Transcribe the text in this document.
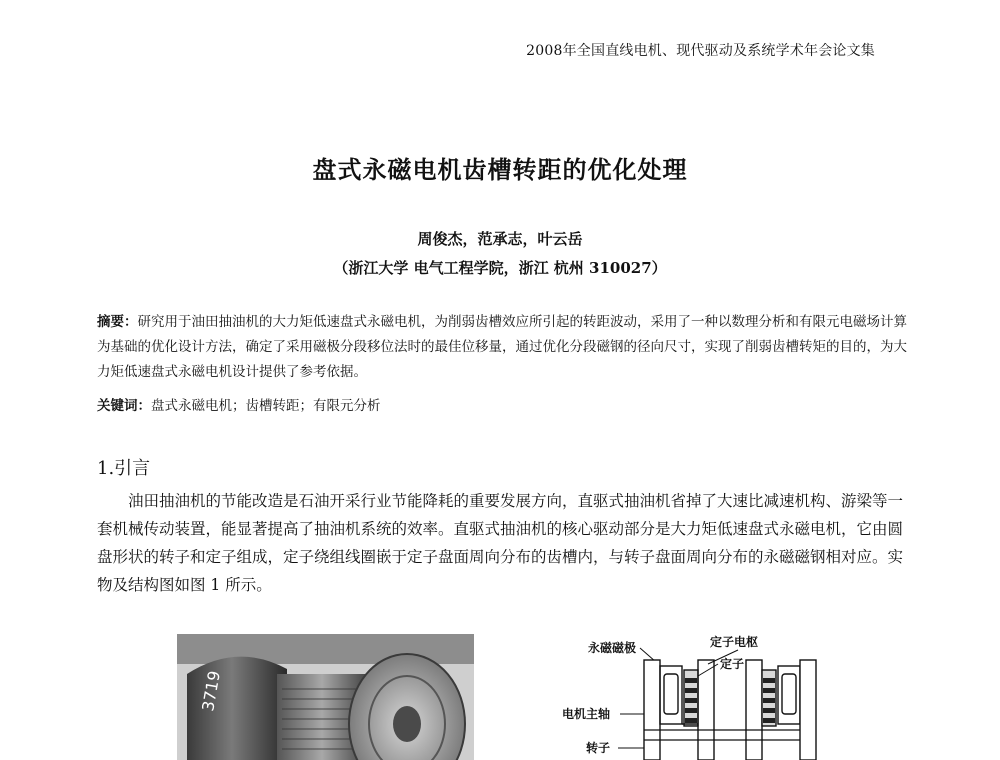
2008年全国直线电机、现代驱动及系统学术年会论文集
盘式永磁电机齿槽转距的优化处理
周俊杰，范承志，叶云岳
（浙江大学 电气工程学院，浙江 杭州 310027）
摘要：研究用于油田抽油机的大力矩低速盘式永磁电机，为削弱齿槽效应所引起的转距波动，采用了一种以数理分析和有限元电磁场计算为基础的优化设计方法，确定了采用磁极分段移位法时的最佳位移量，通过优化分段磁钢的径向尺寸，实现了削弱齿槽转矩的目的，为大力矩低速盘式永磁电机设计提供了参考依据。
关键词：盘式永磁电机；齿槽转距；有限元分析
1.引言
油田抽油机的节能改造是石油开采行业节能降耗的重要发展方向，直驱式抽油机省掉了大速比减速机构、游梁等一套机械传动装置，能显著提高了抽油机系统的效率。直驱式抽油机的核心驱动部分是大力矩低速盘式永磁电机，它由圆盘形状的转子和定子组成，定子绕组线圈嵌于定子盘面周向分布的齿槽内，与转子盘面周向分布的永磁磁钢相对应。实物及结构图如图 1 所示。
3719
永磁磁极	定子电枢
定子
电机主轴
转子
